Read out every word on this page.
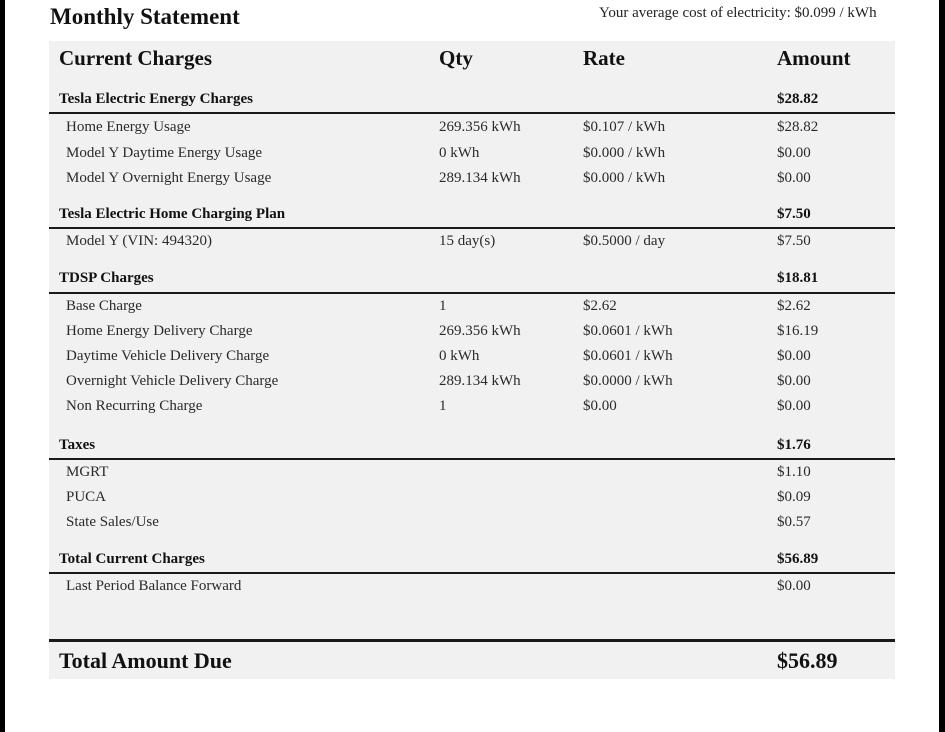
Monthly Statement	Your average cost of electricity: $0.099 / kWh
Current Charges	Qty	Rate	Amount
Tesla Electric Energy Charges	$28.82
Home Energy Usage	269.356 kWh	$0.107 / kWh	$28.82
Model Y Daytime Energy Usage	0 kWh	$0.000 / kWh	$0.00
Model Y Overnight Energy Usage	289.134 kWh	$0.000 / kWh	$0.00
Tesla Electric Home Charging Plan	$7.50
Model Y (VIN: 494320)	15 day(s)	$0.5000 / day	$7.50
TDSP Charges	$18.81
Base Charge	1	$2.62	$2.62
Home Energy Delivery Charge	269.356 kWh	$0.0601 / kWh	$16.19
Daytime Vehicle Delivery Charge	0 kWh	$0.0601 / kWh	$0.00
Overnight Vehicle Delivery Charge	289.134 kWh	$0.0000 / kWh	$0.00
Non Recurring Charge	1	$0.00	$0.00
Taxes	$1.76
MGRT	$1.10
PUCA	$0.09
State Sales/Use	$0.57
Total Current Charges	$56.89
Last Period Balance Forward	$0.00
Total Amount Due	$56.89
